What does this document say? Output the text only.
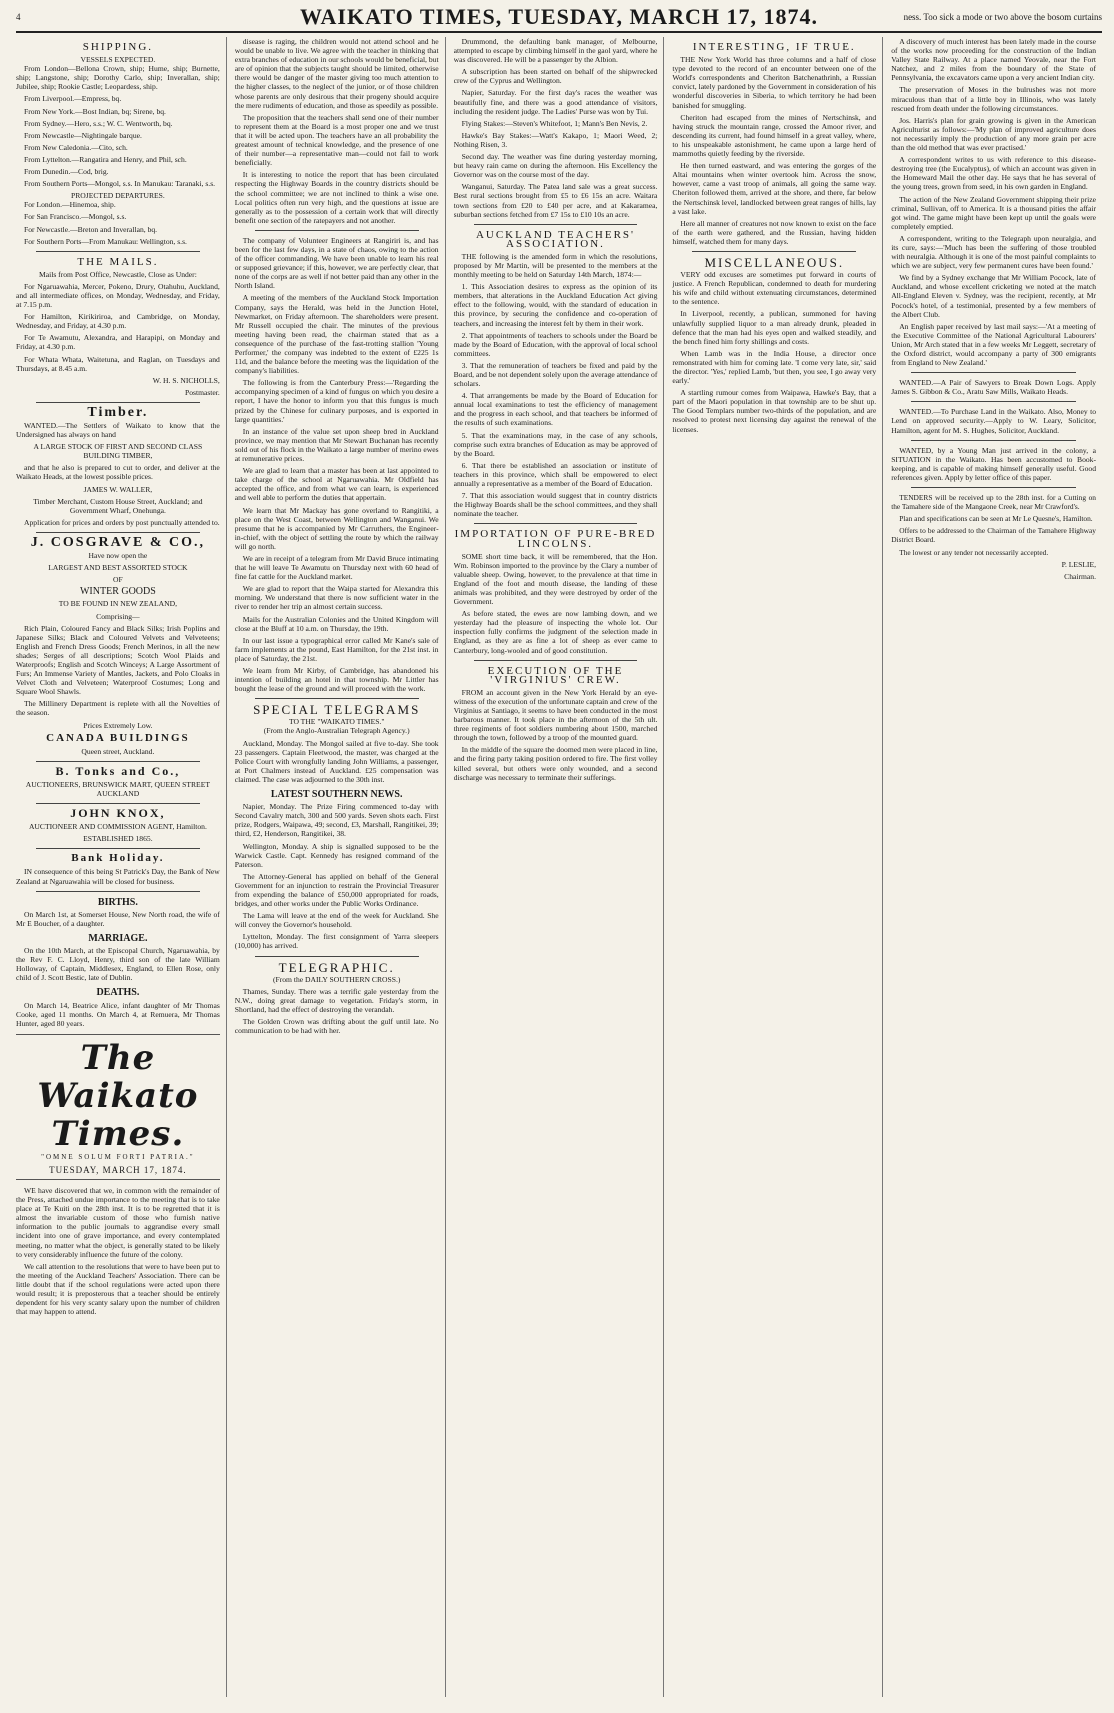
4	WAIKATO TIMES, TUESDAY, MARCH 17, 1874.	ness. Too sick a mode or two above the bosom curtains
SHIPPING.
VESSELS EXPECTED.

From London—Bellona Crown, ship; Hume, ship; Burnette, ship; Langstone, ship; Dorothy Carlo, ship; Inverallan, ship; Jubilee, ship; Rookie Castle; Leopardess, ship.

From Liverpool.—Empress, bq.

From New York.—Bost Indian, bq; Sirene, bq.

From Sydney.—Hero, s.s.; W. C. Wentworth, bq.

From Newcastle—Nightingale barque.

From New Caledonia.—Cito, sch.

From Lyttelton.—Rangatira and Henry, and Phil, sch.

From Dunedin.—Cod, brig.

From Southern Ports—Mongol, s.s. In Manukau: Taranaki, s.s.

PROJECTED DEPARTURES.

For London.—Hinemoa, ship.

For San Francisco.—Mongol, s.s.

For Newcastle.—Breton and Inverallan, bq.

For Southern Ports—From Manukau: Wellington, s.s.

THE MAILS.

Mails from Post Office, Newcastle, Close as Under:

For Ngaruawahia, Mercer, Pokeno, Drury, Otahuhu, Auckland, and all intermediate offices, on Monday, Wednesday, and Friday, at 7.15 p.m.

For Hamilton, Kirikiriroa, and Cambridge, on Monday, Wednesday, and Friday, at 4.30 p.m.

For Te Awamutu, Alexandra, and Harapipi, on Monday and Friday, at 4.30 p.m.

For Whata Whata, Waitetuna, and Raglan, on Tuesdays and Thursdays, at 8.45 a.m.

W. H. S. NICHOLLS,

Postmaster.

Timber.

WANTED.—The Settlers of Waikato to know that the Undersigned has always on hand

A LARGE STOCK OF FIRST AND SECOND CLASS BUILDING TIMBER,

and that he also is prepared to cut to order, and deliver at the Waikato Heads, at the lowest possible prices.

JAMES W. WALLER,

Timber Merchant, Custom House Street, Auckland; and Government Wharf, Onehunga.

Application for prices and orders by post punctually attended to.

J. COSGRAVE & CO.,

Have now open the

LARGEST AND BEST ASSORTED STOCK

OF

WINTER GOODS

TO BE FOUND IN NEW ZEALAND,

Comprising—

Rich Plain, Coloured Fancy and Black Silks; Irish Poplins and Japanese Silks; Black and Coloured Velvets and Velveteens; English and French Dress Goods; French Merinos, in all the new shades; Serges of all descriptions; Scotch Wool Plaids and Waterproofs; English and Scotch Winceys; A Large Assortment of Furs; An Immense Variety of Mantles, Jackets, and Polo Cloaks in Velvet Cloth and Velveteen; Waterproof Costumes; Long and Square Wool Shawls.

The Millinery Department is replete with all the Novelties of the season.

Prices Extremely Low.

CANADA BUILDINGS

Queen street, Auckland.

B. Tonks and Co.,

AUCTIONEERS, BRUNSWICK MART, QUEEN STREET AUCKLAND

JOHN KNOX,

AUCTIONEER AND COMMISSION AGENT, Hamilton.

ESTABLISHED 1865.

Bank Holiday.

IN consequence of this being St Patrick's Day, the Bank of New Zealand at Ngaruawahia will be closed for business.

BIRTHS.

On March 1st, at Somerset House, New North road, the wife of Mr E Boucher, of a daughter.

MARRIAGE.

On the 10th March, at the Episcopal Church, Ngaruawahia, by the Rev F. C. Lloyd, Henry, third son of the late William Holloway, of Captain, Middlesex, England, to Ellen Rose, only child of J. Scott Bestic, late of Dublin.

DEATHS.

On March 14, Beatrice Alice, infant daughter of Mr Thomas Cooke, aged 11 months. On March 4, at Remuera, Mr Thomas Hunter, aged 80 years.

The Waikato Times.
"OMNE SOLUM FORTI PATRIA."
TUESDAY, MARCH 17, 1874.

WE have discovered that we, in common with the remainder of the Press, attached undue importance to the meeting that is to take place at Te Kuiti on the 28th inst. It is to be regretted that it is almost the invariable custom of those who furnish native information to the public journals to aggrandise every small incident into one of grave importance, and every contemplated meeting, no matter what the object, is generally stated to be likely to very considerably influence the future of the colony.

We call attention to the resolutions that were to have been put to the meeting of the Auckland Teachers' Association. There can be little doubt that if the school regulations were acted upon there would result; it is preposterous that a teacher should be entirely dependent for his very scanty salary upon the number of children that may happen to attend.

disease is raging, the children would not attend school and he would be unable to live. We agree with the teacher in thinking that extra branches of education in our schools would be beneficial, but are of opinion that the subjects taught should be limited, otherwise there would be danger of the master giving too much attention to the higher classes, to the neglect of the junior, or of those children whose parents are only desirous that their progeny should acquire the mere rudiments of education, and those as speedily as possible.

The proposition that the teachers shall send one of their number to represent them at the Board is a most proper one and we trust that it will be acted upon. The teachers have an all probability the greatest amount of technical knowledge, and the presence of one of their number—a representative man—could not fail to work beneficially.

It is interesting to notice the report that has been circulated respecting the Highway Boards in the country districts should be the school committee; we are not inclined to think a wise one. Local politics often run very high, and the questions at issue are generally as to the possession of a certain work that will directly benefit one section of the ratepayers and not another.

The company of Volunteer Engineers at Rangiriri is, and has been for the last few days, in a state of chaos, owing to the action of the officer commanding. We have been unable to learn his real or supposed grievance; if this, however, we are perfectly clear, that none of the corps are as well if not better paid than any other in the North Island.

A meeting of the members of the Auckland Stock Importation Company, says the Herald, was held in the Junction Hotel, Newmarket, on Friday afternoon. The shareholders were present. Mr Russell occupied the chair. The minutes of the previous meeting having been read, the chairman stated that as a consequence of the purchase of the fast-trotting stallion 'Young Performer,' the company was indebted to the extent of £225 1s 11d, and the balance before the meeting was the liquidation of the company's liabilities.

The following is from the Canterbury Press:—'Regarding the accompanying specimen of a kind of fungus on which you desire a report, I have the honor to inform you that this fungus is much prized by the Chinese for culinary purposes, and is exported in large quantities.'

In an instance of the value set upon sheep bred in Auckland province, we may mention that Mr Stewart Buchanan has recently sold out of his flock in the Waikato a large number of merino ewes at remunerative prices.

We are glad to learn that a master has been at last appointed to take charge of the school at Ngaruawahia. Mr Oldfield has accepted the office, and from what we can learn, is experienced and well able to perform the duties that appertain.

We learn that Mr Mackay has gone overland to Rangitiki, a place on the West Coast, between Wellington and Wanganui. We presume that he is accompanied by Mr Carruthers, the Engineer-in-chief, with the object of settling the route by which the railway will go north.

We are in receipt of a telegram from Mr David Bruce intimating that he will leave Te Awamutu on Thursday next with 60 head of fine fat cattle for the Auckland market.

We are glad to report that the Waipa started for Alexandra this morning. We understand that there is now sufficient water in the river to render her trip an almost certain success.

Mails for the Australian Colonies and the United Kingdom will close at the Bluff at 10 a.m. on Thursday, the 19th.

In our last issue a typographical error called Mr Kane's sale of farm implements at the pound, East Hamilton, for the 21st inst. in place of Saturday, the 21st.

We learn from Mr Kirby, of Cambridge, has abandoned his intention of building an hotel in that township. Mr Littler has bought the lease of the ground and will proceed with the work.

SPECIAL TELEGRAMS
TO THE "WAIKATO TIMES."

(From the Anglo-Australian Telegraph Agency.)

Auckland, Monday. The Mongol sailed at five to-day. She took 23 passengers. Captain Fleetwood, the master, was charged at the Police Court with wrongfully landing John Williams, a passenger, at Port Chalmers instead of Auckland. £25 compensation was claimed. The case was adjourned to the 30th inst.

LATEST SOUTHERN NEWS.

Napier, Monday. The Prize Firing commenced to-day with Second Cavalry match, 300 and 500 yards. Seven shots each. First prize, Rodgers, Waipawa, 49; second, £3, Marshall, Rangitikei, 39; third, £2, Henderson, Rangitikei, 38.

Wellington, Monday. A ship is signalled supposed to be the Warwick Castle. Capt. Kennedy has resigned command of the Paterson.

The Attorney-General has applied on behalf of the General Government for an injunction to restrain the Provincial Treasurer from expending the balance of £50,000 appropriated for roads, bridges, and other works under the Public Works Ordinance.

The Lama will leave at the end of the week for Auckland. She will convey the Governor's household.

Lyttelton, Monday. The first consignment of Yarra sleepers (10,000) has arrived.

TELEGRAPHIC.

(From the DAILY SOUTHERN CROSS.)

Thames, Sunday. There was a terrific gale yesterday from the N.W., doing great damage to vegetation. Friday's storm, in Shortland, had the effect of destroying the verandah.

The Golden Crown was drifting about the gulf until late. No communication to be had with her.

Drummond, the defaulting bank manager, of Melbourne, attempted to escape by climbing himself in the gaol yard, where he was discovered. He will be a passenger by the Albion.

A subscription has been started on behalf of the shipwrecked crew of the Cyprus and Wellington.

Napier, Saturday. For the first day's races the weather was beautifully fine, and there was a good attendance of visitors, including the resident judge. The Ladies' Purse was won by Tui.

Flying Stakes:—Steven's Whitefoot, 1; Mann's Ben Nevis, 2.

Hawke's Bay Stakes:—Watt's Kakapo, 1; Maori Weed, 2; Nothing Risen, 3.

Second day. The weather was fine during yesterday morning, but heavy rain came on during the afternoon. His Excellency the Governor was on the course most of the day.

Wanganui, Saturday. The Patea land sale was a great success. Best rural sections brought from £5 to £6 15s an acre. Waitara town sections from £20 to £40 per acre, and at Kakaramea, suburban sections fetched from £7 15s to £10 10s an acre.

AUCKLAND TEACHERS' ASSOCIATION.

THE following is the amended form in which the resolutions, proposed by Mr Martin, will be presented to the members at the monthly meeting to be held on Saturday 14th March, 1874:—

1. This Association desires to express as the opinion of its members, that alterations in the Auckland Education Act giving effect to the following, would, with the standard of education in this province, by securing the confidence and co-operation of teachers, and increasing the interest felt by them in their work.

2. That appointments of teachers to schools under the Board be made by the Board of Education, with the approval of local school committees.

3. That the remuneration of teachers be fixed and paid by the Board, and be not dependent solely upon the average attendance of scholars.

4. That arrangements be made by the Board of Education for annual local examinations to test the efficiency of management and the progress in each school, and that teachers be informed of the results of such examinations.

5. That the examinations may, in the case of any schools, comprise such extra branches of Education as may be approved of by the Board.

6. That there be established an association or institute of teachers in this province, which shall be empowered to elect annually a representative as a member of the Board of Education.

7. That this association would suggest that in country districts the Highway Boards shall be the school committees, and they shall nominate the teacher.

IMPORTATION OF PURE-BRED LINCOLNS.

SOME short time back, it will be remembered, that the Hon. Wm. Robinson imported to the province by the Clary a number of valuable sheep. Owing, however, to the prevalence at that time in England of the foot and mouth disease, the landing of these animals was prohibited, and they were destroyed by order of the Government.

As before stated, the ewes are now lambing down, and we yesterday had the pleasure of inspecting the whole lot. Our inspection fully confirms the judgment of the selection made in England, as they are as fine a lot of sheep as ever came to Canterbury, long-wooled and of good constitution.

EXECUTION OF THE 'VIRGINIUS' CREW.

FROM an account given in the New York Herald by an eye-witness of the execution of the unfortunate captain and crew of the Virginius at Santiago, it seems to have been conducted in the most barbarous manner. It took place in the afternoon of the 5th ult. three regiments of foot soldiers numbering about 1500, marched through the town, followed by a troop of the mounted guard.

In the middle of the square the doomed men were placed in line, and the firing party taking position ordered to fire. The first volley killed several, but others were only wounded, and a second discharge was necessary to terminate their sufferings.

INTERESTING, IF TRUE.

THE New York World has three columns and a half of close type devoted to the record of an encounter between one of the World's correspondents and Cheriton Batchenathrinh, a Russian convict, lately pardoned by the Government in consideration of his wonderful discoveries in Siberia, to which territory he had been banished for smuggling.

Cheriton had escaped from the mines of Nertschinsk, and having struck the mountain range, crossed the Amoor river, and descending its current, had found himself in a great valley, where, to his unspeakable astonishment, he came upon a large herd of mammoths quietly feeding by the riverside.

He then turned eastward, and was entering the gorges of the Altai mountains when winter overtook him. Across the snow, however, came a vast troop of animals, all going the same way. Cheriton followed them, arrived at the shore, and there, far below the Nertschinsk level, landlocked between great ranges of hills, lay a vast lake.

Here all manner of creatures not now known to exist on the face of the earth were gathered, and the Russian, having hidden himself, watched them for many days.

MISCELLANEOUS.

VERY odd excuses are sometimes put forward in courts of justice. A French Republican, condemned to death for murdering his wife and child without extenuating circumstances, determined to the sentence.

In Liverpool, recently, a publican, summoned for having unlawfully supplied liquor to a man already drunk, pleaded in defence that the man had his eyes open and walked steadily, and the bench fined him forty shillings and costs.

When Lamb was in the India House, a director once remonstrated with him for coming late. 'I come very late, sir,' said the director. 'Yes,' replied Lamb, 'but then, you see, I go away very early.'

A startling rumour comes from Waipawa, Hawke's Bay, that a part of the Maori population in that township are to be shut up. The Good Templars number two-thirds of the population, and are resolved to protest next licensing day against the renewal of the licenses.

A discovery of much interest has been lately made in the course of the works now proceeding for the construction of the Indian Valley State Railway. At a place named Yeovale, near the Fort Natchez, and 2 miles from the boundary of the State of Pennsylvania, the excavators came upon a very ancient Indian city.

The preservation of Moses in the bulrushes was not more miraculous than that of a little boy in Illinois, who was lately rescued from death under the following circumstances.

Jos. Harris's plan for grain growing is given in the American Agriculturist as follows:—'My plan of improved agriculture does not necessarily imply the production of any more grain per acre than the old method that was ever practised.'

A correspondent writes to us with reference to this disease-destroying tree (the Eucalyptus), of which an account was given in the Homeward Mail the other day. He says that he has several of the young trees, grown from seed, in his own garden in England.

The action of the New Zealand Government shipping their prize criminal, Sullivan, off to America. It is a thousand pities the affair got wind. The game might have been kept up until the goals were completely emptied.

A correspondent, writing to the Telegraph upon neuralgia, and its cure, says:—'Much has been the suffering of those troubled with neuralgia. Although it is one of the most painful complaints to which we are subject, very few permanent cures have been found.'

We find by a Sydney exchange that Mr William Pocock, late of Auckland, and whose excellent cricketing we noted at the match All-England Eleven v. Sydney, was the recipient, recently, at Mr Pocock's hotel, of a testimonial, presented by a few members of the Albert Club.

An English paper received by last mail says:—'At a meeting of the Executive Committee of the National Agricultural Labourers' Union, Mr Arch stated that in a few weeks Mr Leggett, secretary of the Oxford district, would accompany a party of 300 emigrants from England to New Zealand.'

WANTED.—A Pair of Sawyers to Break Down Logs. Apply James S. Gibbon & Co., Aratu Saw Mills, Waikato Heads.

WANTED.—To Purchase Land in the Waikato. Also, Money to Lend on approved security.—Apply to W. Leary, Solicitor, Hamilton, agent for M. S. Hughes, Solicitor, Auckland.

WANTED, by a Young Man just arrived in the colony, a SITUATION in the Waikato. Has been accustomed to Book-keeping, and is capable of making himself generally useful. Good references given. Apply by letter office of this paper.

TENDERS will be received up to the 28th inst. for a Cutting on the Tamahere side of the Mangaone Creek, near Mr Crawford's.

Plan and specifications can be seen at Mr Le Quesne's, Hamilton.

Offers to be addressed to the Chairman of the Tamahere Highway District Board.

The lowest or any tender not necessarily accepted.

P. LESLIE,

Chairman.
